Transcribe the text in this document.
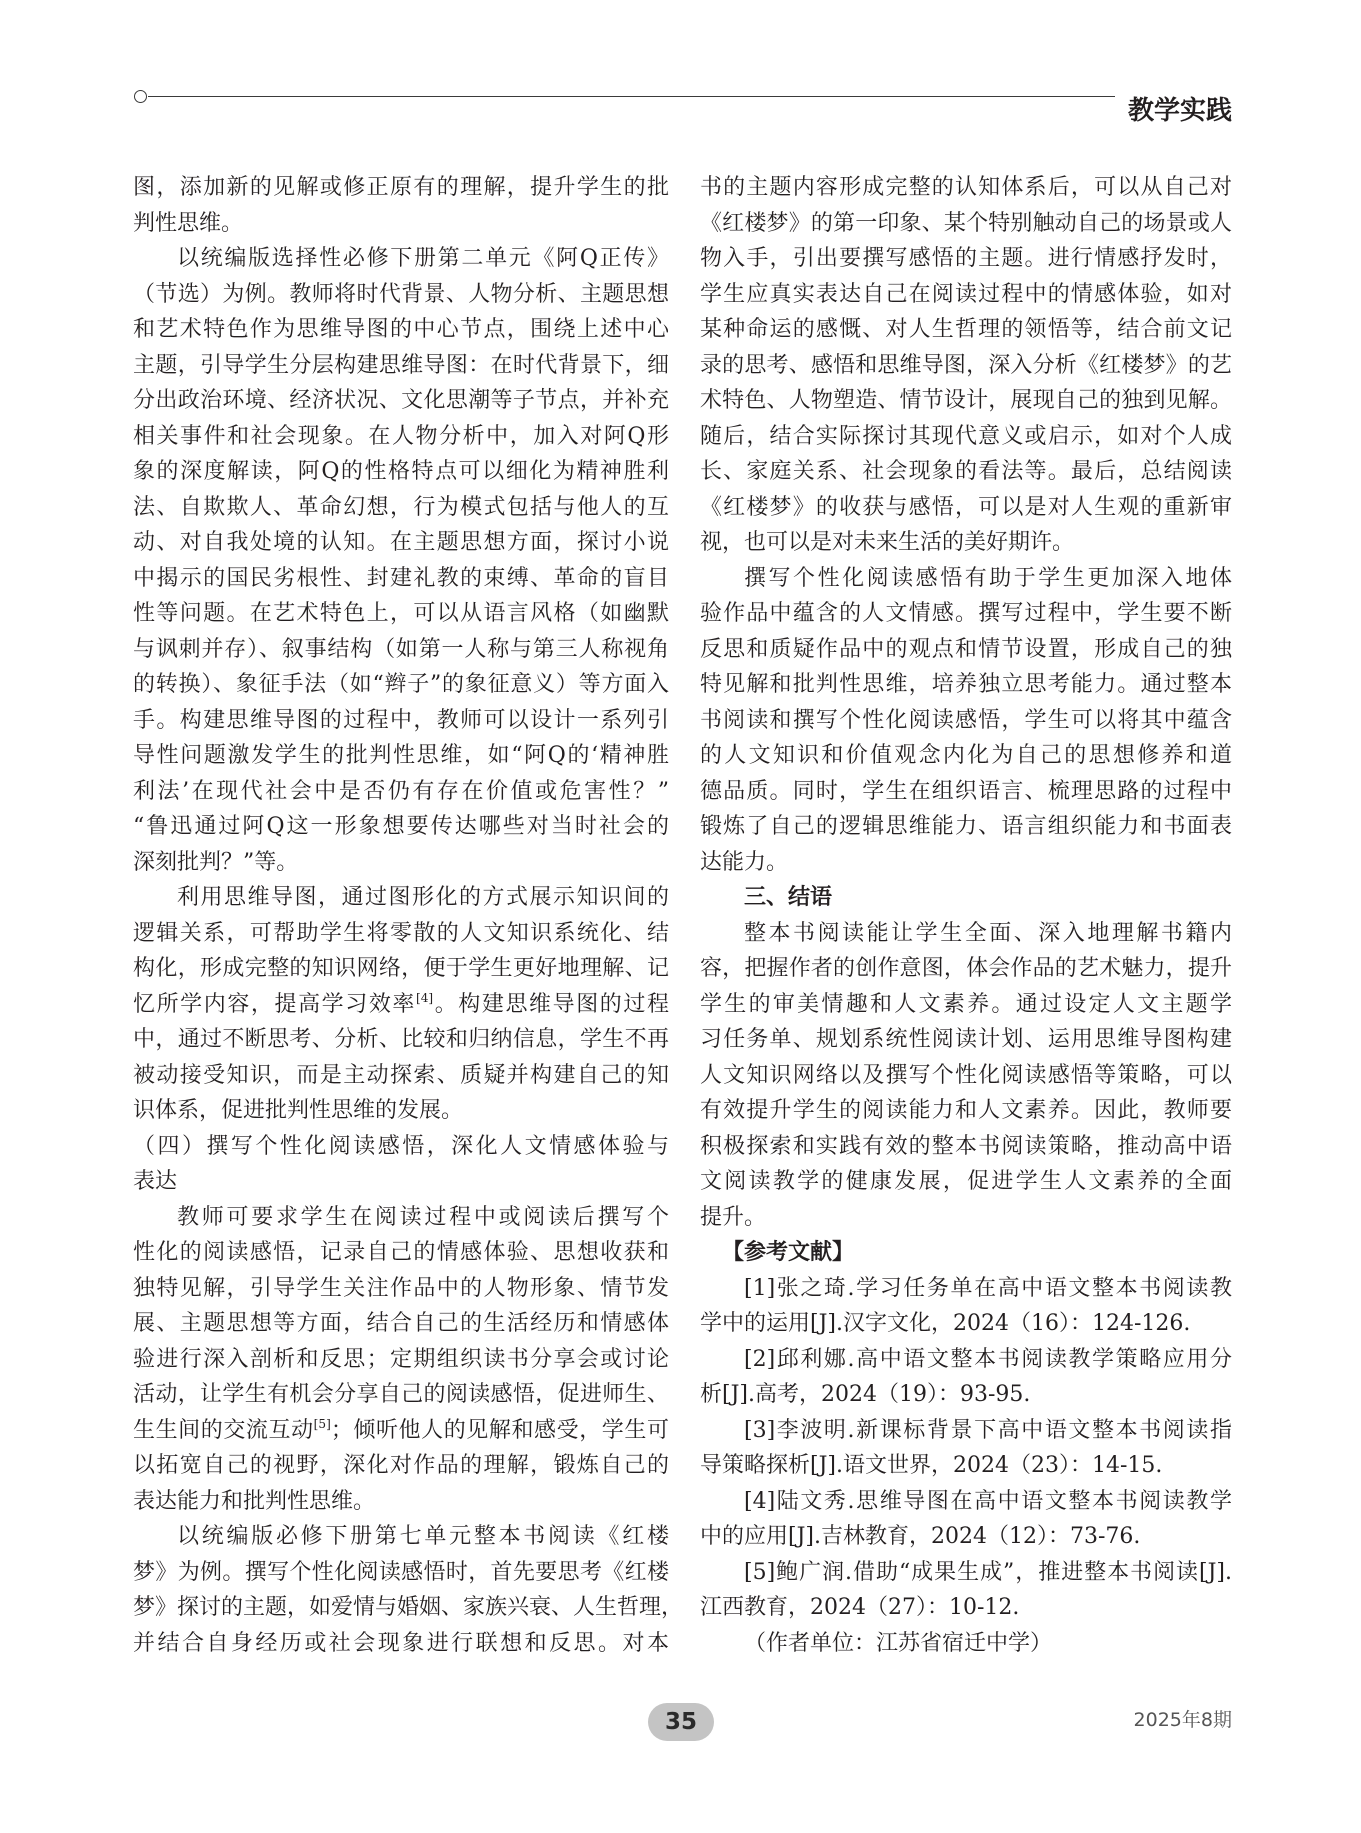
教学实践
图，添加新的见解或修正原有的理解，提升学生的批
判性思维。
以统编版选择性必修下册第二单元《阿Q正传》
（节选）为例。教师将时代背景、人物分析、主题思想
和艺术特色作为思维导图的中心节点，围绕上述中心
主题，引导学生分层构建思维导图：在时代背景下，细
分出政治环境、经济状况、文化思潮等子节点，并补充
相关事件和社会现象。在人物分析中，加入对阿Q形
象的深度解读，阿Q的性格特点可以细化为精神胜利
法、自欺欺人、革命幻想，行为模式包括与他人的互
动、对自我处境的认知。在主题思想方面，探讨小说
中揭示的国民劣根性、封建礼教的束缚、革命的盲目
性等问题。在艺术特色上，可以从语言风格（如幽默
与讽刺并存）、叙事结构（如第一人称与第三人称视角
的转换）、象征手法（如“辫子”的象征意义）等方面入
手。构建思维导图的过程中，教师可以设计一系列引
导性问题激发学生的批判性思维，如“阿Q的‘精神胜
利法’在现代社会中是否仍有存在价值或危害性？”
“鲁迅通过阿Q这一形象想要传达哪些对当时社会的
深刻批判？”等。
利用思维导图，通过图形化的方式展示知识间的
逻辑关系，可帮助学生将零散的人文知识系统化、结
构化，形成完整的知识网络，便于学生更好地理解、记
忆所学内容，提高学习效率[4]。构建思维导图的过程
中，通过不断思考、分析、比较和归纳信息，学生不再
被动接受知识，而是主动探索、质疑并构建自己的知
识体系，促进批判性思维的发展。
（四）撰写个性化阅读感悟，深化人文情感体验与
表达
教师可要求学生在阅读过程中或阅读后撰写个
性化的阅读感悟，记录自己的情感体验、思想收获和
独特见解，引导学生关注作品中的人物形象、情节发
展、主题思想等方面，结合自己的生活经历和情感体
验进行深入剖析和反思；定期组织读书分享会或讨论
活动，让学生有机会分享自己的阅读感悟，促进师生、
生生间的交流互动[5]；倾听他人的见解和感受，学生可
以拓宽自己的视野，深化对作品的理解，锻炼自己的
表达能力和批判性思维。
以统编版必修下册第七单元整本书阅读《红楼
梦》为例。撰写个性化阅读感悟时，首先要思考《红楼
梦》探讨的主题，如爱情与婚姻、家族兴衰、人生哲理，
并结合自身经历或社会现象进行联想和反思。对本
书的主题内容形成完整的认知体系后，可以从自己对
《红楼梦》的第一印象、某个特别触动自己的场景或人
物入手，引出要撰写感悟的主题。进行情感抒发时，
学生应真实表达自己在阅读过程中的情感体验，如对
某种命运的感慨、对人生哲理的领悟等，结合前文记
录的思考、感悟和思维导图，深入分析《红楼梦》的艺
术特色、人物塑造、情节设计，展现自己的独到见解。
随后，结合实际探讨其现代意义或启示，如对个人成
长、家庭关系、社会现象的看法等。最后，总结阅读
《红楼梦》的收获与感悟，可以是对人生观的重新审
视，也可以是对未来生活的美好期许。
撰写个性化阅读感悟有助于学生更加深入地体
验作品中蕴含的人文情感。撰写过程中，学生要不断
反思和质疑作品中的观点和情节设置，形成自己的独
特见解和批判性思维，培养独立思考能力。通过整本
书阅读和撰写个性化阅读感悟，学生可以将其中蕴含
的人文知识和价值观念内化为自己的思想修养和道
德品质。同时，学生在组织语言、梳理思路的过程中
锻炼了自己的逻辑思维能力、语言组织能力和书面表
达能力。
三、结语
整本书阅读能让学生全面、深入地理解书籍内
容，把握作者的创作意图，体会作品的艺术魅力，提升
学生的审美情趣和人文素养。通过设定人文主题学
习任务单、规划系统性阅读计划、运用思维导图构建
人文知识网络以及撰写个性化阅读感悟等策略，可以
有效提升学生的阅读能力和人文素养。因此，教师要
积极探索和实践有效的整本书阅读策略，推动高中语
文阅读教学的健康发展，促进学生人文素养的全面
提升。
【参考文献】
[1]张之琦.学习任务单在高中语文整本书阅读教
学中的运用[J].汉字文化，2024（16）：124-126.
[2]邱利娜.高中语文整本书阅读教学策略应用分
析[J].高考，2024（19）：93-95.
[3]李波明.新课标背景下高中语文整本书阅读指
导策略探析[J].语文世界，2024（23）：14-15.
[4]陆文秀.思维导图在高中语文整本书阅读教学
中的应用[J].吉林教育，2024（12）：73-76.
[5]鲍广润.借助“成果生成”，推进整本书阅读[J].
江西教育，2024（27）：10-12.
（作者单位：江苏省宿迁中学）
35	2025年8期
